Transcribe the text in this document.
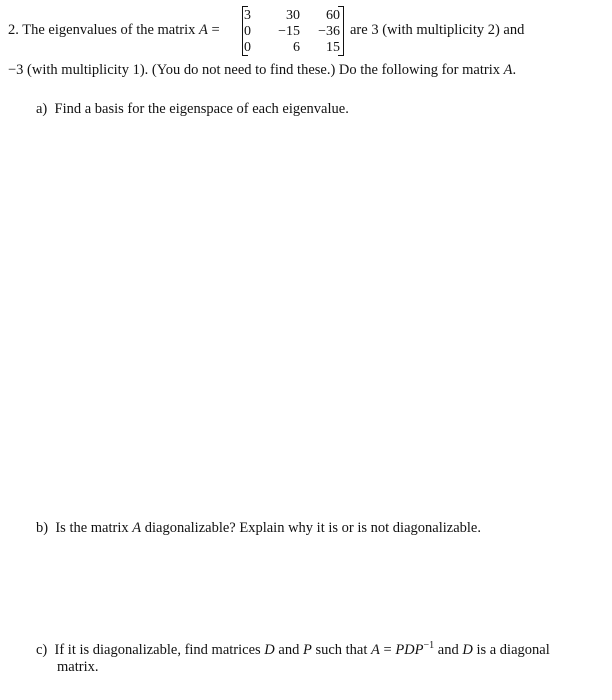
2. The eigenvalues of the matrix A =
3	30	60
0	−15	−36
0	6	15
are 3 (with multiplicity 2) and
−3 (with multiplicity 1). (You do not need to find these.) Do the following for matrix A.
a) Find a basis for the eigenspace of each eigenvalue.
b) Is the matrix A diagonalizable? Explain why it is or is not diagonalizable.
c) If it is diagonalizable, find matrices D and P such that $A = PDP^{-1}$ and D is a diagonal
matrix.
